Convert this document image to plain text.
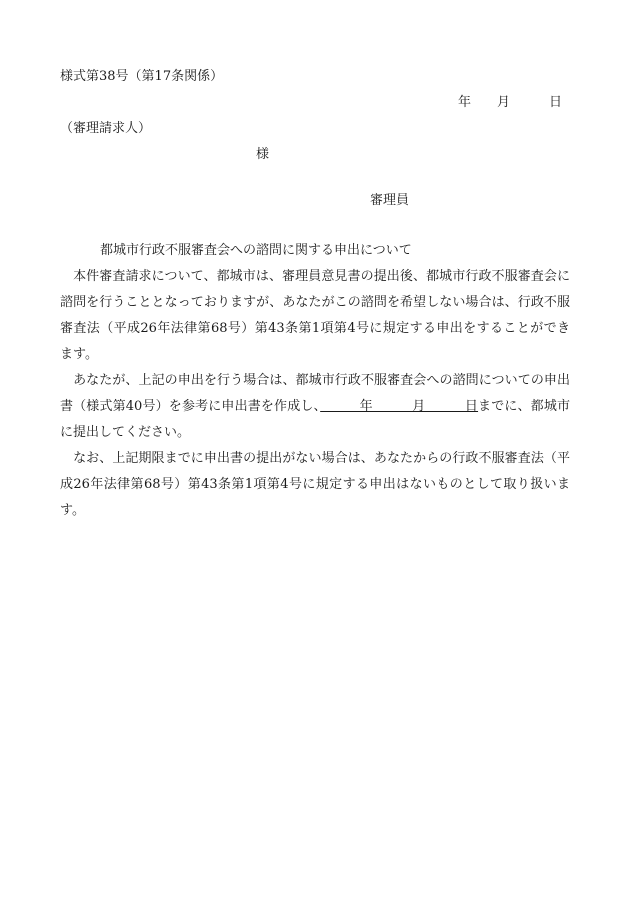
様式第38号（第17条関係）
年　　月　　　日
（審理請求人）
様
審理員
都城市行政不服審査会への諮問に関する申出について
　本件審査請求について、都城市は、審理員意見書の提出後、都城市行政不服審査会に
諮問を行うこととなっておりますが、あなたがこの諮問を希望しない場合は、行政不服
審査法（平成26年法律第68号）第43条第1項第4号に規定する申出をすることができ
ます。
　あなたが、上記の申出を行う場合は、都城市行政不服審査会への諮問についての申出
書（様式第40号）を参考に申出書を作成し、　　　年　　　月　　　日までに、都城市
に提出してください。
　なお、上記期限までに申出書の提出がない場合は、あなたからの行政不服審査法（平
成26年法律第68号）第43条第1項第4号に規定する申出はないものとして取り扱いま
す。
